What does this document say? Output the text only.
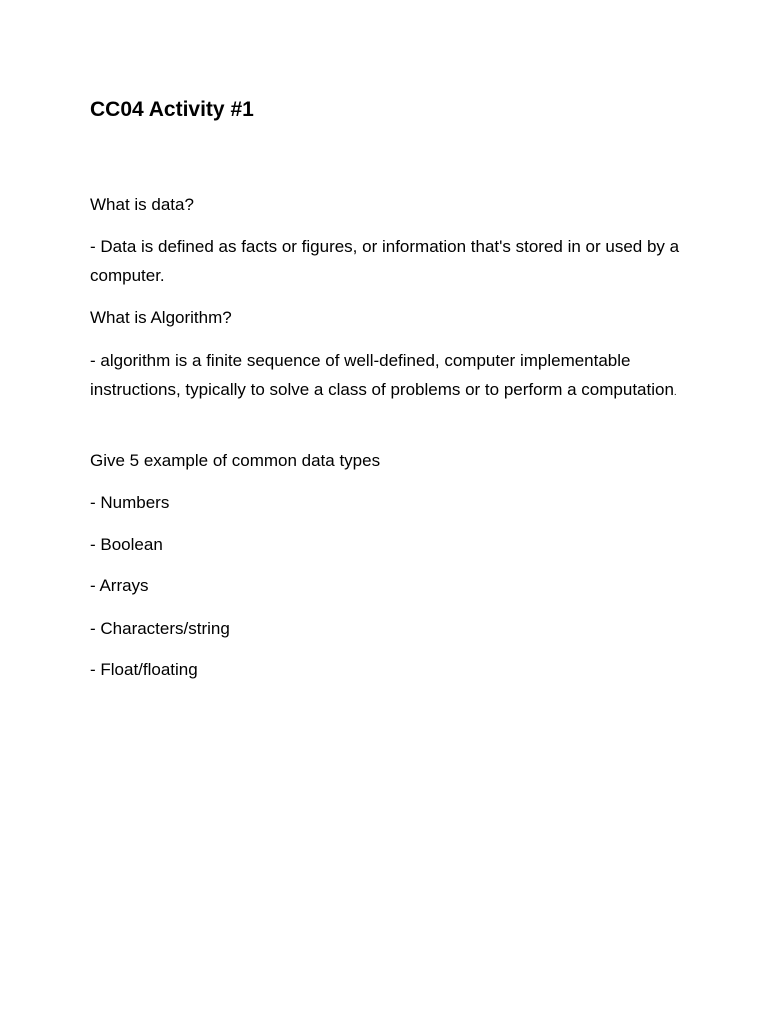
CC04 Activity #1

What is data?

- Data is defined as facts or figures, or information that's stored in or used by a computer.

What is Algorithm?

- algorithm is a finite sequence of well-defined, computer implementable instructions, typically to solve a class of problems or to perform a computation.

Give 5 example of common data types

- Numbers

- Boolean

- Arrays

- Characters/string

- Float/floating
